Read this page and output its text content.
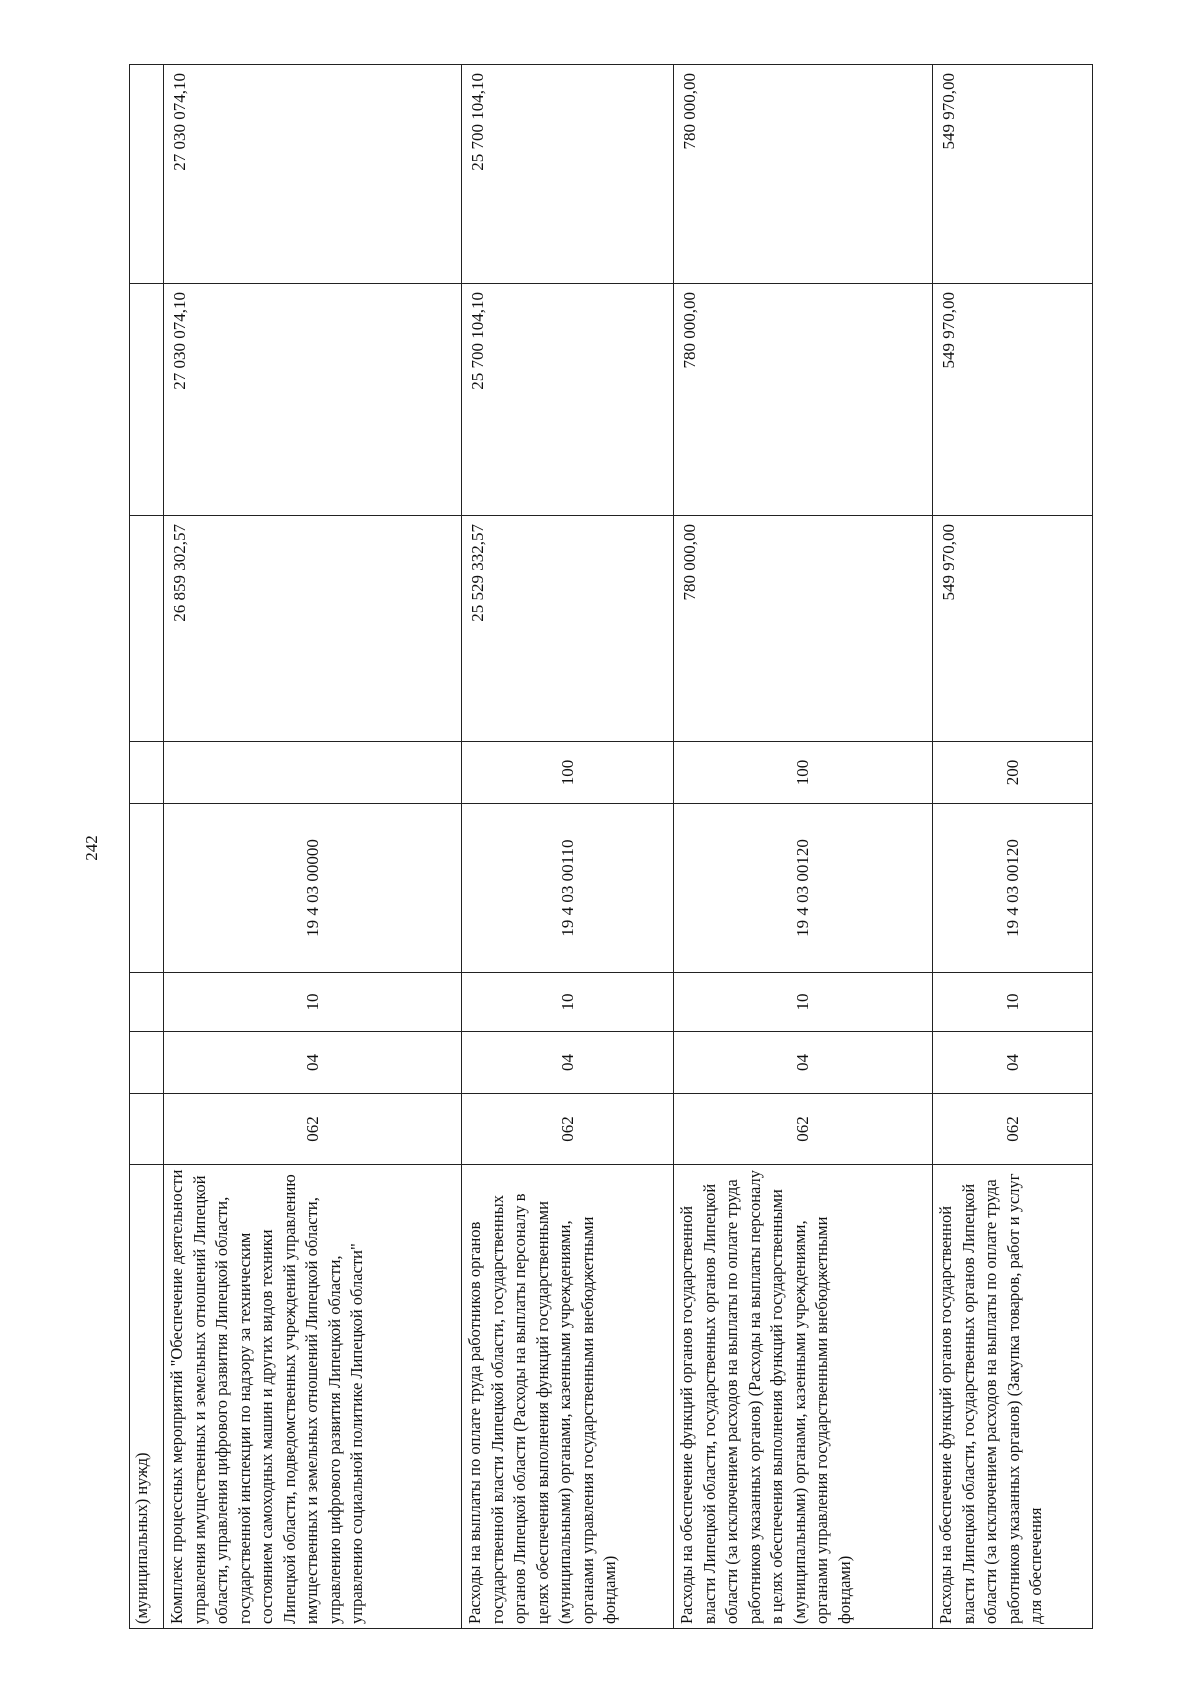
242
(муниципальных) нужд)								
Комплекс процессных мероприятий "Обеспечение деятельности управления имущественных и земельных отношений Липецкой области, управления цифрового развития Липецкой области, государственной инспекции по надзору за техническим состоянием самоходных машин и других видов техники Липецкой области, подведомственных учреждений управлению имущественных и земельных отношений Липецкой области, управлению цифрового развития Липецкой области, управлению социальной политике Липецкой области"	062	04	10	19 4 03 00000		26 859 302,57	27 030 074,10	27 030 074,10
Расходы на выплаты по оплате труда работников органов государственной власти Липецкой области, государственных органов Липецкой области (Расходы на выплаты персоналу в целях обеспечения выполнения функций государственными (муниципальными) органами, казенными учреждениями, органами управления государственными внебюджетными фондами)	062	04	10	19 4 03 00110	100	25 529 332,57	25 700 104,10	25 700 104,10
Расходы на обеспечение функций органов государственной власти Липецкой области, государственных органов Липецкой области (за исключением расходов на выплаты по оплате труда работников указанных органов) (Расходы на выплаты персоналу в целях обеспечения выполнения функций государственными (муниципальными) органами, казенными учреждениями, органами управления государственными внебюджетными фондами)	062	04	10	19 4 03 00120	100	780 000,00	780 000,00	780 000,00
Расходы на обеспечение функций органов государственной власти Липецкой области, государственных органов Липецкой области (за исключением расходов на выплаты по оплате труда работников указанных органов) (Закупка товаров, работ и услуг для обеспечения	062	04	10	19 4 03 00120	200	549 970,00	549 970,00	549 970,00
